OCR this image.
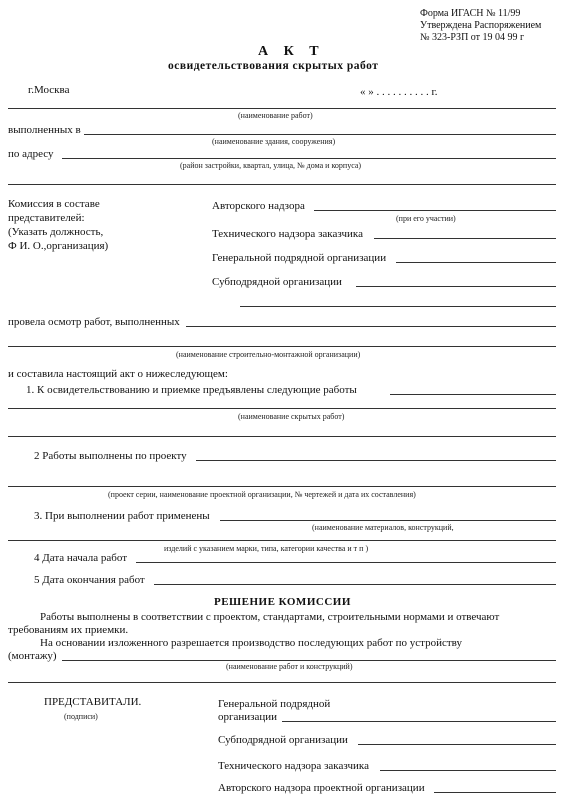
Форма ИГАСН № 11/99
Утверждена Распоряжением
№ 323-РЗП от 19 04 99 г
А К Т
освидетельствования скрытых работ
г.Москва	« » . . . . . . . . . . г.
(наименование работ)
выполненных в
(наименование здания, сооружения)
по адресу
(район застройки, квартал, улица, № дома и корпуса)
Комиссия в составе
представителей:
(Указать должность,
Ф И. О.,организация)
Авторского надзора
(при его участии)
Технического надзора заказчика
Генеральной подрядной организации
Субподрядной организации
провела осмотр работ, выполненных
(наименование строительно-монтажной организации)
и составила настоящий акт о нижеследующем:
1. К освидетельствованию и приемке предъявлены следующие работы
(наименование скрытых работ)
2 Работы выполнены по проекту
(проект серии, наименование проектной организации, № чертежей и дата их составления)
3. При выполнении работ применены
(наименование материалов, конструкций,
изделий с указанием марки, типа, категории качества и т п )
4 Дата начала работ
5 Дата окончания работ
РЕШЕНИЕ КОМИССИИ
Работы выполнены в соответствии с проектом, стандартами, строительными нормами и отвечают
требованиям их приемки.
На основании изложенного разрешается производство последующих работ по устройству
(монтажу)
(наименование работ и конструкций)
ПРЕДСТАВИТАЛИ.
(подписи)
Генеральной подрядной
организации
Субподрядной организации
Технического надзора заказчика
Авторского надзора проектной организации
